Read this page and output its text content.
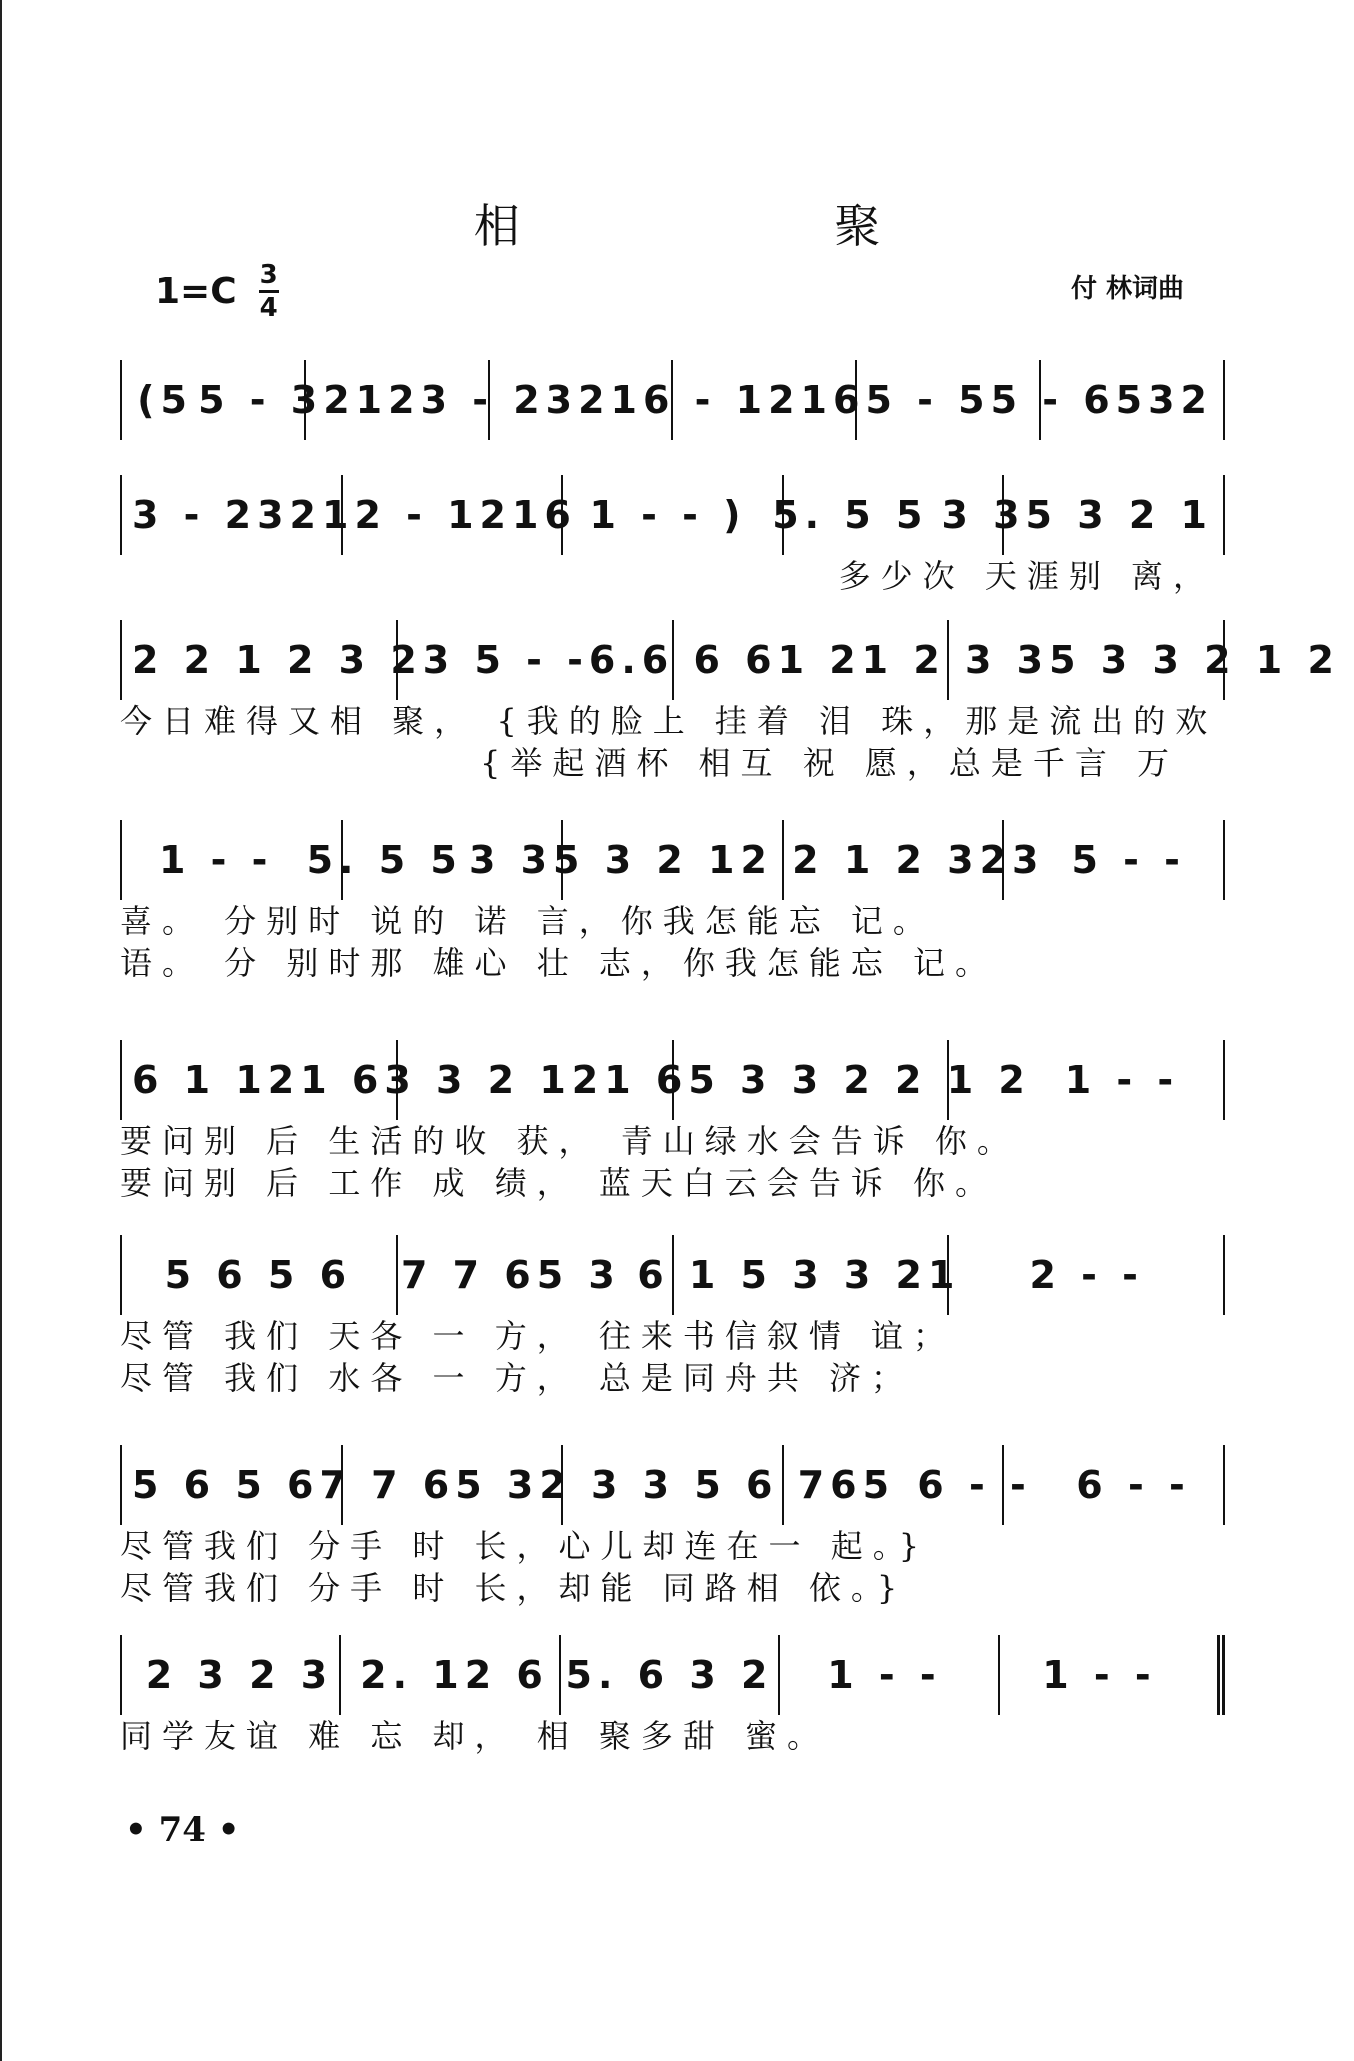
相 聚
1=C 3
4
付 林词曲
(5 5 - 3212 3 - 2321 6 - 1216 5 - 5 5 - 6532
3 - 2321 2 - 1216 1 - - ) 5. 5 5 3 35 3 2 1
多少次 天涯别 离，
2 2 1 2 3 23 5 - - 6.6 6 6 1 21 2 3 3 5 3 3 2 1 2
今日难得又相 聚， {我的脸上 挂着 泪 珠，那是流出的欢
{举起酒杯 相互 祝 愿，总是千言 万
1 - - 5. 5 5 3 35 3 2 1 2 2 1 2 323 5 - -
喜。 分别时 说的 诺 言，你我怎能忘 记。
语。 分 别时那 雄心 壮 志，你我怎能忘 记。
6 1 121 6 3 3 2 121 6 5 3 3 2 2 1 2 1 - -
要问别 后 生活的收 获， 青山绿水会告诉 你。
要问别 后 工作 成 绩， 蓝天白云会告诉 你。
5 6 5 6	7 7 65 3 6 1 5 3 3 21	2 - -
尽管 我们 天各 一 方， 往来书信叙情 谊；
尽管 我们 水各 一 方， 总是同舟共 济；
5 6 5 6 7 7 65 3 2 3 3 5 6 765 6 - -	6 - -
尽管我们 分手 时 长，心儿却连在一 起。}
尽管我们 分手 时 长，却能 同路相 依。}
2 3 2 3 2. 12 6 5. 6 3 2	1 - -	1 - -
同学友谊 难 忘 却， 相 聚多甜 蜜。
• 74 •
